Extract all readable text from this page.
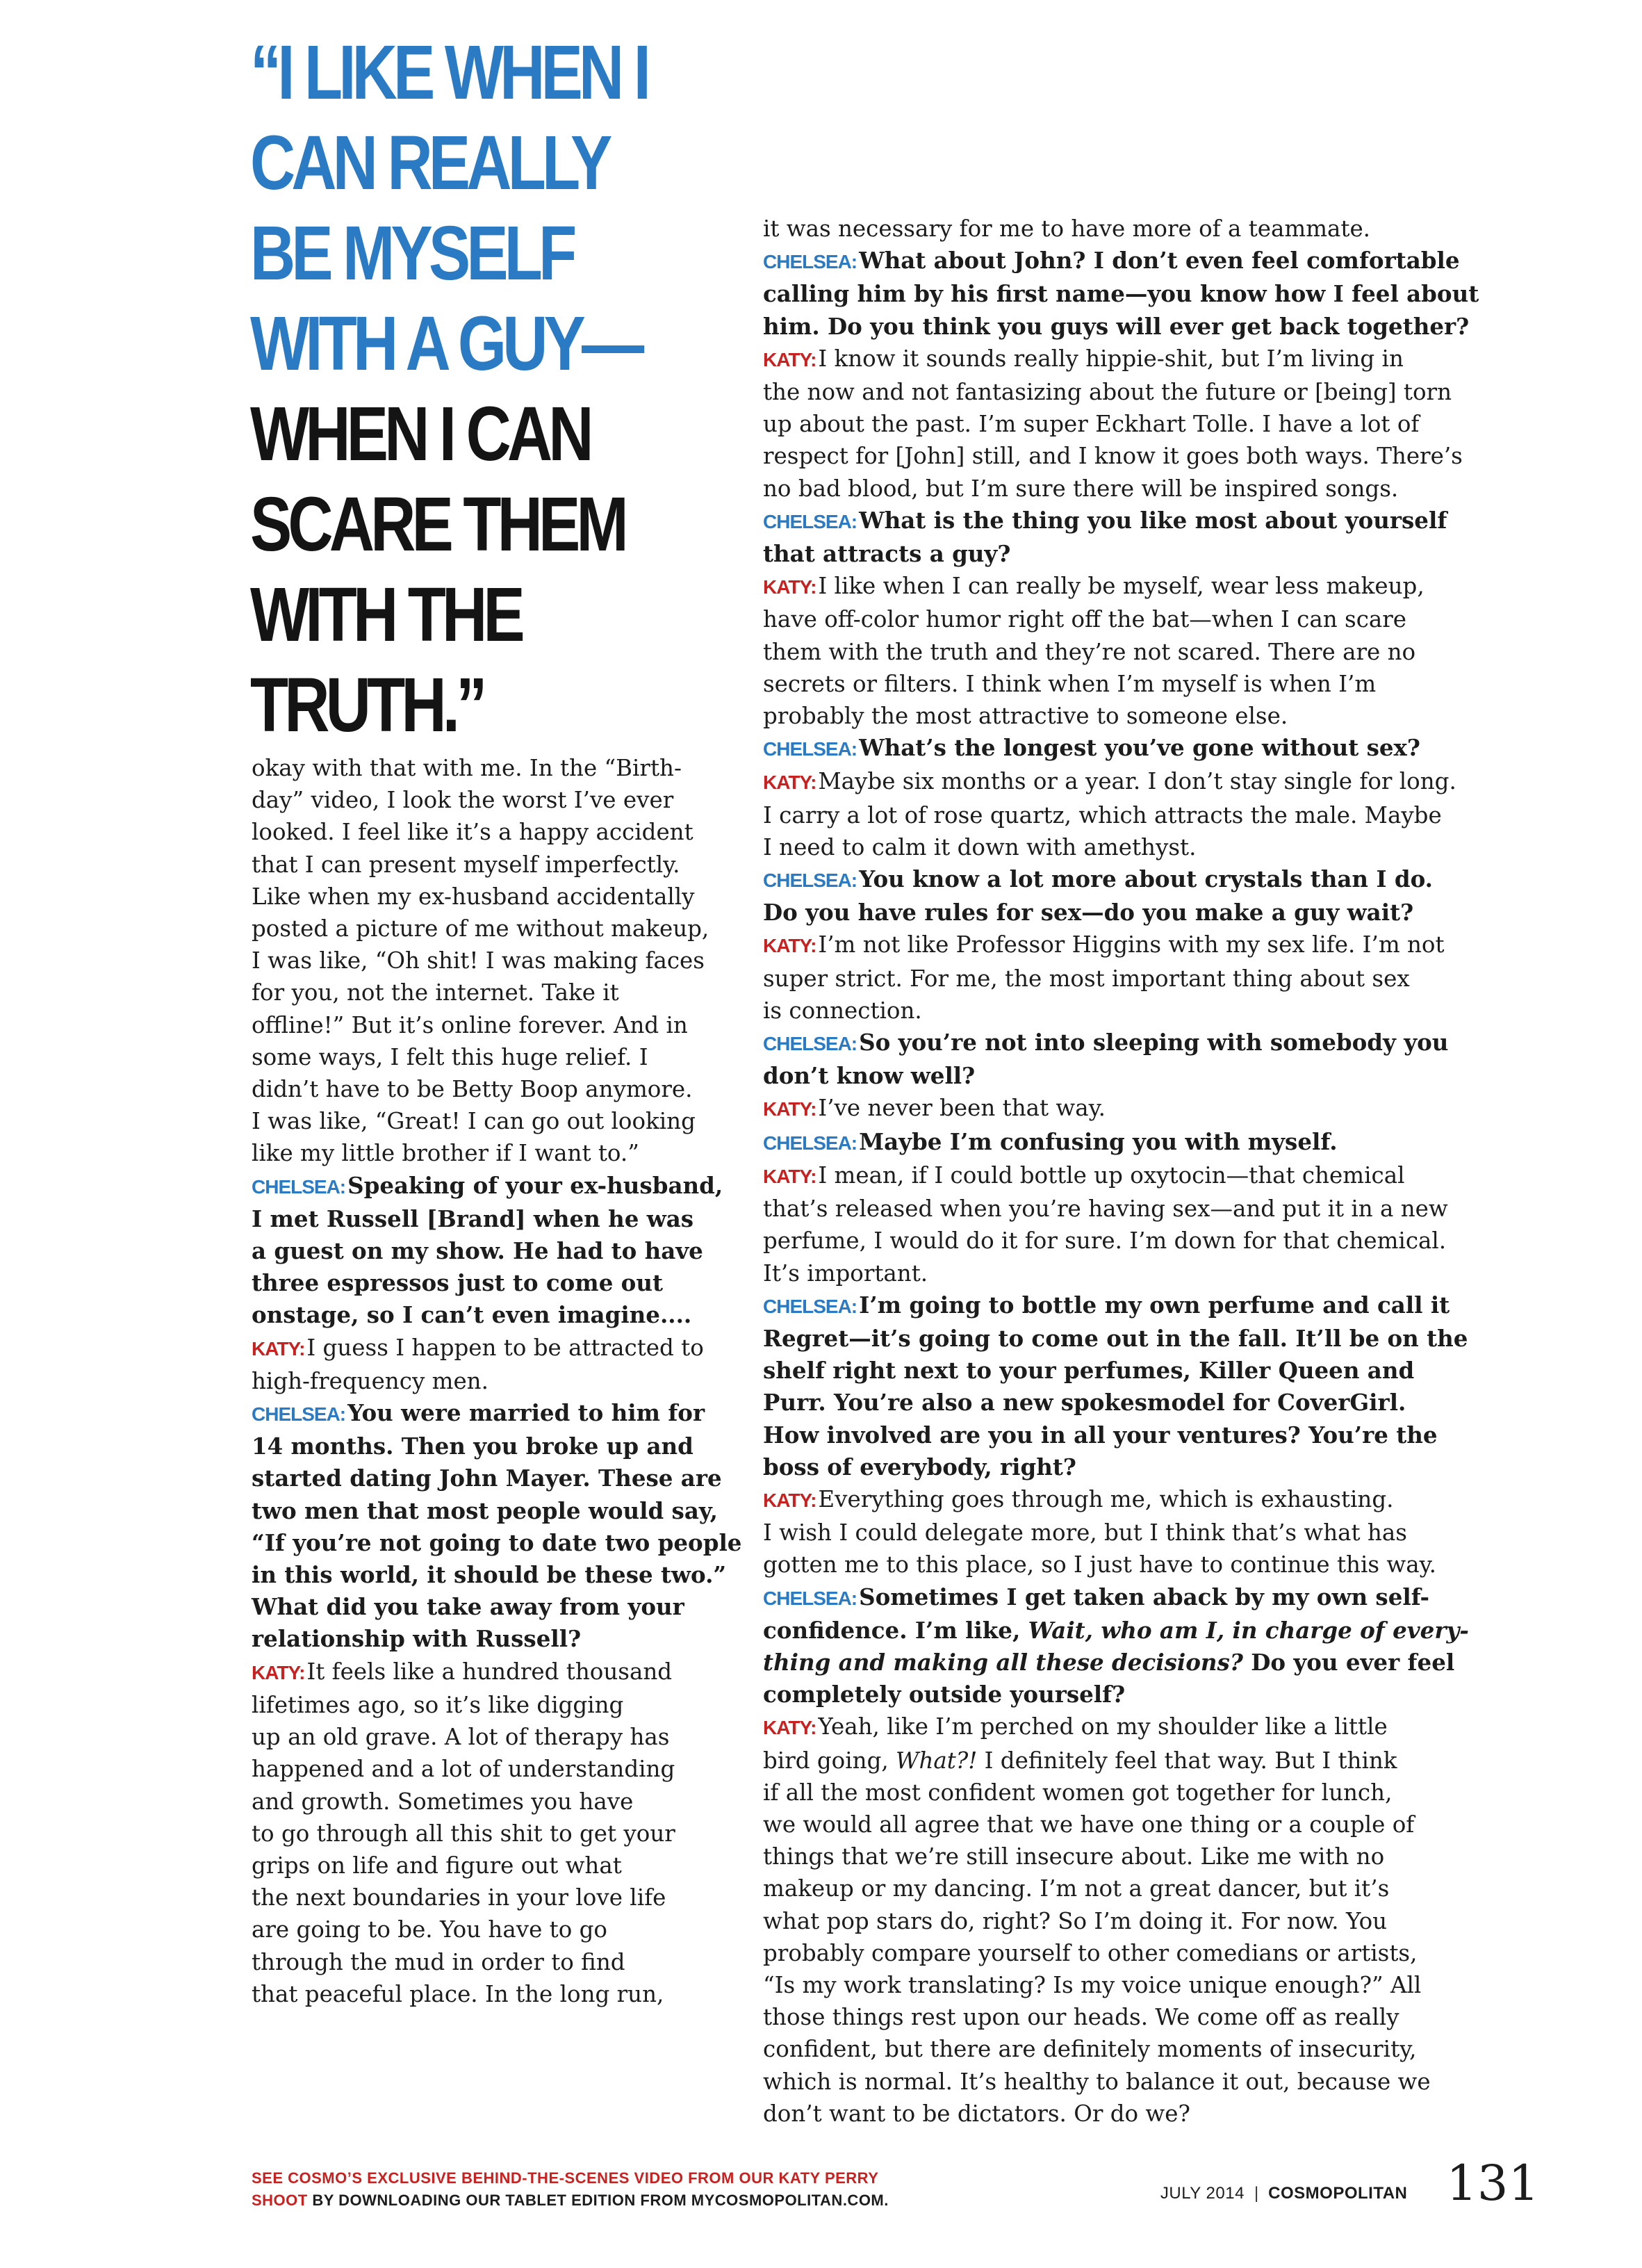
“I LIKE WHEN I
CAN REALLY
BE MYSELF
WITH A GUY—
WHEN I CAN
SCARE THEM
WITH THE
TRUTH.”
okay with that with me. In the “Birth-
day” video, I look the worst I’ve ever
looked. I feel like it’s a happy accident
that I can present myself imperfectly.
Like when my ex-husband accidentally
posted a picture of me without makeup,
I was like, “Oh shit! I was making faces
for you, not the internet. Take it
offline!” But it’s online forever. And in
some ways, I felt this huge relief. I
didn’t have to be Betty Boop anymore.
I was like, “Great! I can go out looking
like my little brother if I want to.”
CHELSEA:Speaking of your ex-husband,
I met Russell [Brand] when he was
a guest on my show. He had to have
three espressos just to come out
onstage, so I can’t even imagine....
KATY:I guess I happen to be attracted to
high-frequency men.
CHELSEA:You were married to him for
14 months. Then you broke up and
started dating John Mayer. These are
two men that most people would say,
“If you’re not going to date two people
in this world, it should be these two.”
What did you take away from your
relationship with Russell?
KATY:It feels like a hundred thousand
lifetimes ago, so it’s like digging
up an old grave. A lot of therapy has
happened and a lot of understanding
and growth. Sometimes you have
to go through all this shit to get your
grips on life and figure out what
the next boundaries in your love life
are going to be. You have to go
through the mud in order to find
that peaceful place. In the long run,
it was necessary for me to have more of a teammate.
CHELSEA:What about John? I don’t even feel comfortable
calling him by his first name—you know how I feel about
him. Do you think you guys will ever get back together?
KATY:I know it sounds really hippie-shit, but I’m living in
the now and not fantasizing about the future or [being] torn
up about the past. I’m super Eckhart Tolle. I have a lot of
respect for [John] still, and I know it goes both ways. There’s
no bad blood, but I’m sure there will be inspired songs.
CHELSEA:What is the thing you like most about yourself
that attracts a guy?
KATY:I like when I can really be myself, wear less makeup,
have off-color humor right off the bat—when I can scare
them with the truth and they’re not scared. There are no
secrets or filters. I think when I’m myself is when I’m
probably the most attractive to someone else.
CHELSEA:What’s the longest you’ve gone without sex?
KATY:Maybe six months or a year. I don’t stay single for long.
I carry a lot of rose quartz, which attracts the male. Maybe
I need to calm it down with amethyst.
CHELSEA:You know a lot more about crystals than I do.
Do you have rules for sex—do you make a guy wait?
KATY:I’m not like Professor Higgins with my sex life. I’m not
super strict. For me, the most important thing about sex
is connection.
CHELSEA:So you’re not into sleeping with somebody you
don’t know well?
KATY:I’ve never been that way.
CHELSEA:Maybe I’m confusing you with myself.
KATY:I mean, if I could bottle up oxytocin—that chemical
that’s released when you’re having sex—and put it in a new
perfume, I would do it for sure. I’m down for that chemical.
It’s important.
CHELSEA:I’m going to bottle my own perfume and call it
Regret—it’s going to come out in the fall. It’ll be on the
shelf right next to your perfumes, Killer Queen and
Purr. You’re also a new spokesmodel for CoverGirl.
How involved are you in all your ventures? You’re the
boss of everybody, right?
KATY:Everything goes through me, which is exhausting.
I wish I could delegate more, but I think that’s what has
gotten me to this place, so I just have to continue this way.
CHELSEA:Sometimes I get taken aback by my own self-
confidence. I’m like, Wait, who am I, in charge of every-
thing and making all these decisions? Do you ever feel
completely outside yourself?
KATY:Yeah, like I’m perched on my shoulder like a little
bird going, What?! I definitely feel that way. But I think
if all the most confident women got together for lunch,
we would all agree that we have one thing or a couple of
things that we’re still insecure about. Like me with no
makeup or my dancing. I’m not a great dancer, but it’s
what pop stars do, right? So I’m doing it. For now. You
probably compare yourself to other comedians or artists,
“Is my work translating? Is my voice unique enough?” All
those things rest upon our heads. We come off as really
confident, but there are definitely moments of insecurity,
which is normal. It’s healthy to balance it out, because we
don’t want to be dictators. Or do we?
SEE COSMO’S EXCLUSIVE BEHIND-THE-SCENES VIDEO FROM OUR KATY PERRY
SHOOT BY DOWNLOADING OUR TABLET EDITION FROM MYCOSMOPOLITAN.COM.	JULY 2014 | COSMOPOLITAN 131
